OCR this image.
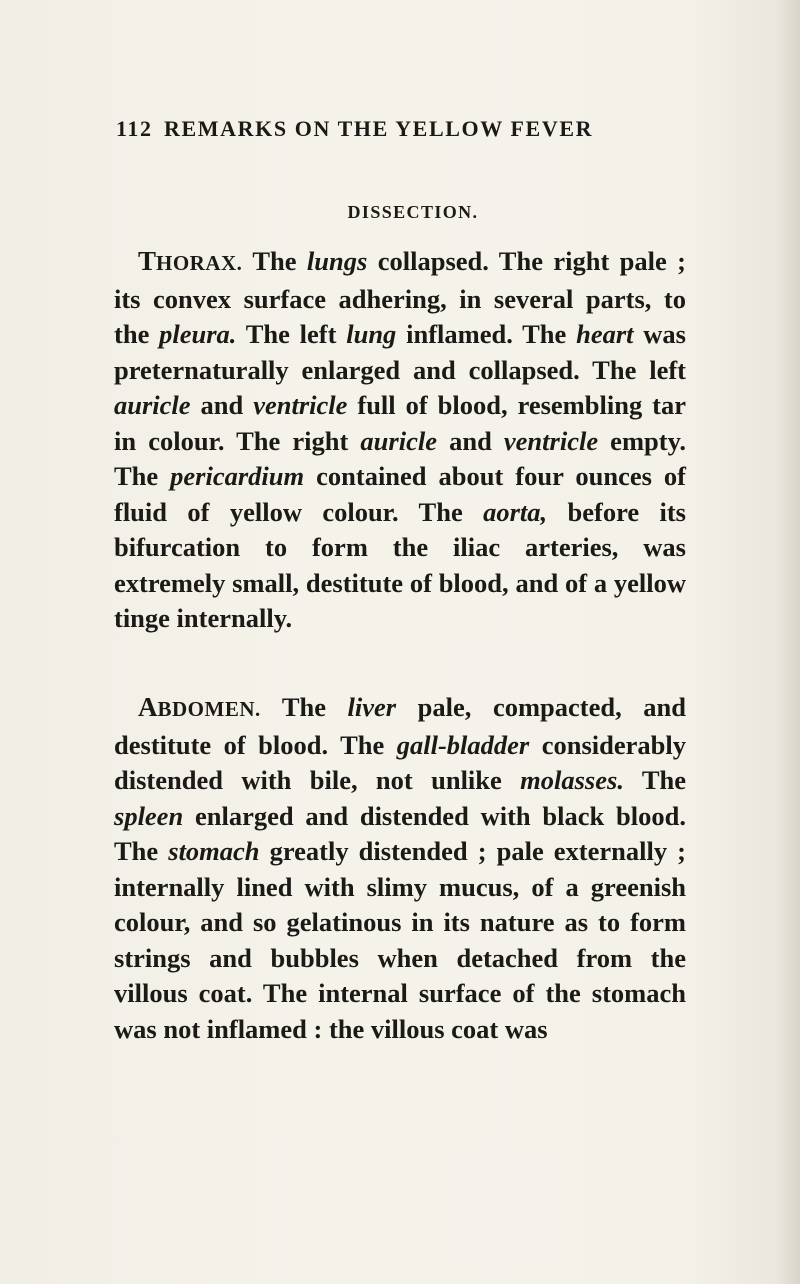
112 REMARKS ON THE YELLOW FEVER
DISSECTION.

THORAX. The lungs collapsed. The right pale ; its convex surface adhering, in several parts, to the pleura. The left lung inflamed. The heart was preternaturally enlarged and collapsed. The left auricle and ventricle full of blood, resembling tar in colour. The right auricle and ventricle empty. The pericardium contained about four ounces of fluid of yellow colour. The aorta, before its bifurcation to form the iliac arteries, was extremely small, destitute of blood, and of a yellow tinge internally.

ABDOMEN. The liver pale, compacted, and destitute of blood. The gall-bladder considerably distended with bile, not unlike molasses. The spleen enlarged and distended with black blood. The stomach greatly distended ; pale externally ; internally lined with slimy mucus, of a greenish colour, and so gelatinous in its nature as to form strings and bubbles when detached from the villous coat. The internal surface of the stomach was not inflamed : the villous coat was
